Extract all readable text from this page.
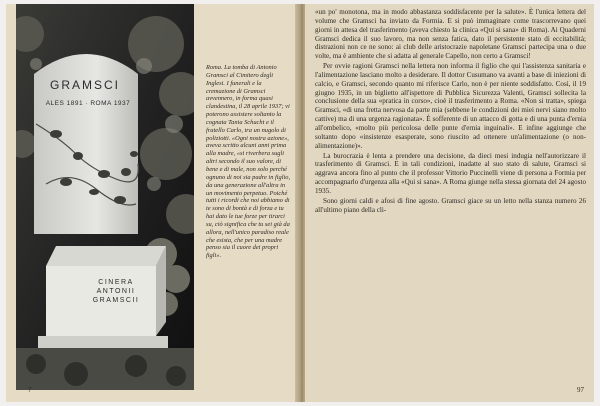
GRAMSCI
ALES 1891 · ROMA 1937
CINERA
ANTONII
GRAMSCII

Roma. La tomba di Antonio Gramsci al Cimitero degli Inglesi. I funerali e la cremazione di Gramsci avvennero, in forma quasi clandestina, il 28 aprile 1937; vi poterono assistere soltanto la cognata Tania Schucht e il fratello Carlo, tra un nugolo di poliziotti. «Ogni nostra azione», aveva scritto alcuni anni prima alla madre, «si riverbera sugli altri secondo il suo valore, di bene e di male, non solo perché ognuno di noi sia padre in figlio, da una generazione all'altra in un movimento perpetuo. Poiché tutti i ricordi che noi abbiamo di te sono di bontà e di forza e tu hai dato le tue forze per tirarci su, ciò significa che tu sei già da allora, nell'unico paradiso reale che esista, che per una madre penso sia il cuore dei propri figli».

7

«un po' monotona, ma in modo abbastanza soddisfacente per la salute». È l'unica lettera del volume che Gramsci ha inviato da Formia. E si può immaginare come trascorrevano quei giorni in attesa del trasferimento (aveva chiesto la clinica «Qui si sana» di Roma). Ai Quaderni Gramsci dedica il suo lavoro, ma non senza fatica, dato il persistente stato di eccitabilità; distrazioni non ce ne sono: ai club delle aristocrazie napoletane Gramsci partecipa una o due volte, ma è ambiente che si adatta al generale Capello, non certo a Gramsci!

Per ovvie ragioni Gramsci nella lettera non informa il figlio che qui l'assistenza sanitaria e l'alimentazione lasciano molto a desiderare. Il dottor Cusumano va avanti a base di iniezioni di calcio, e Gramsci, secondo quanto mi riferisce Carlo, non è per niente soddisfatto. Così, il 19 giugno 1935, in un biglietto all'ispettore di Pubblica Sicurezza Valenti, Gramsci sollecita la conclusione della sua «pratica in corso», cioè il trasferimento a Roma. «Non si tratta», spiega Gramsci, «di una fretta nervosa da parte mia (sebbene le condizioni dei miei nervi siano molto cattive) ma di una urgenza ragionata». È sofferente di un attacco di gotta e di una punta d'ernia all'ombelico, «molto più pericolosa delle punte d'ernia inguinali». E infine aggiunge che soltanto dopo «insistenze esasperate, sono riuscito ad ottenere un'alimentazione (o non-alimentazione)».

La burocrazia è lenta a prendere una decisione, da dieci mesi indugia nell'autorizzare il trasferimento di Gramsci. E in tali condizioni, inadatte al suo stato di salute, Gramsci si aggrava ancora fino al punto che il professor Vittorio Puccinelli viene di persona a Formia per accompagnarlo d'urgenza alla «Qui si sana». A Roma giunge nella stessa giornata del 24 agosto 1935.

Sono giorni caldi e afosi di fine agosto. Gramsci giace su un letto nella stanza numero 26 all'ultimo piano della cli-

97
